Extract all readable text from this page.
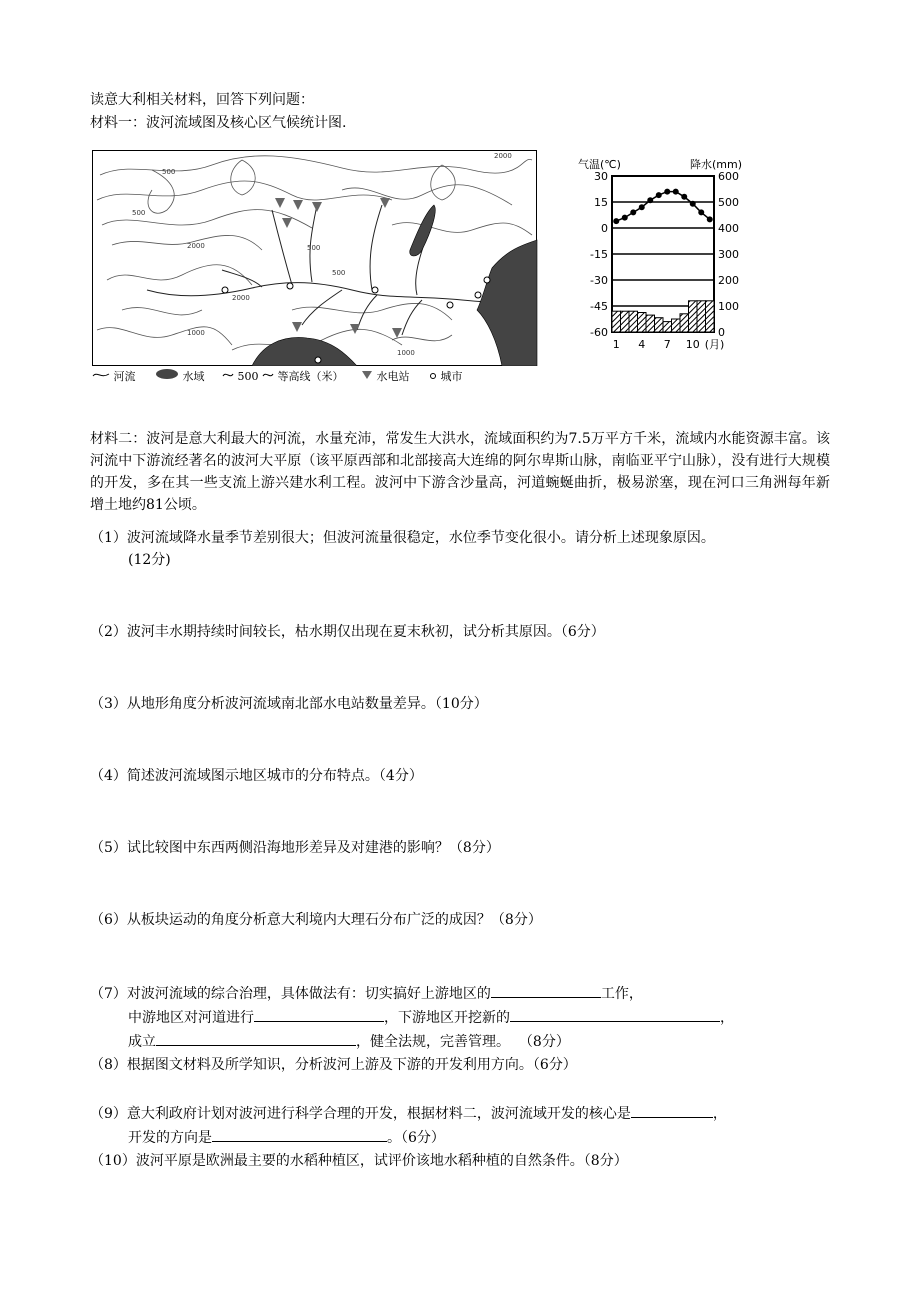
读意大利相关材料，回答下列问题：
材料一：波河流域图及核心区气候统计图.
2000
500
500
2000	500
1000
1000
500
2000
河流	水域	500 等高线（米）	水电站	城市
气温(℃)	降水(mm)
30
15
0
-15
-30
-45
-60
600
500
400
300
200
100
0
1 4 7 10 (月)
材料二：波河是意大利最大的河流，水量充沛，常发生大洪水，流域面积约为7.5万平方千米，流域内水能资源丰富。该河流中下游流经著名的波河大平原（该平原西部和北部接高大连绵的阿尔卑斯山脉，南临亚平宁山脉），没有进行大规模的开发，多在其一些支流上游兴建水利工程。波河中下游含沙量高，河道蜿蜒曲折，极易淤塞，现在河口三角洲每年新增土地约81公顷。
（1）波河流域降水量季节差别很大；但波河流量很稳定，水位季节变化很小。请分析上述现象原因。
(12分)
（2）波河丰水期持续时间较长，枯水期仅出现在夏末秋初，试分析其原因。（6分）
（3）从地形角度分析波河流域南北部水电站数量差异。（10分）
（4）简述波河流域图示地区城市的分布特点。（4分）
（5）试比较图中东西两侧沿海地形差异及对建港的影响？（8分）
（6）从板块运动的角度分析意大利境内大理石分布广泛的成因？（8分）
（7）对波河流域的综合治理，具体做法有：切实搞好上游地区的	工作，
中游地区对河道进行	，下游地区开挖新的	，
成立	，健全法规，完善管理。 （8分）
（8）根据图文材料及所学知识，分析波河上游及下游的开发利用方向。（6分）
（9）意大利政府计划对波河进行科学合理的开发，根据材料二，波河流域开发的核心是	，
开发的方向是	。（6分）
（10）波河平原是欧洲最主要的水稻种植区，试评价该地水稻种植的自然条件。（8分）
